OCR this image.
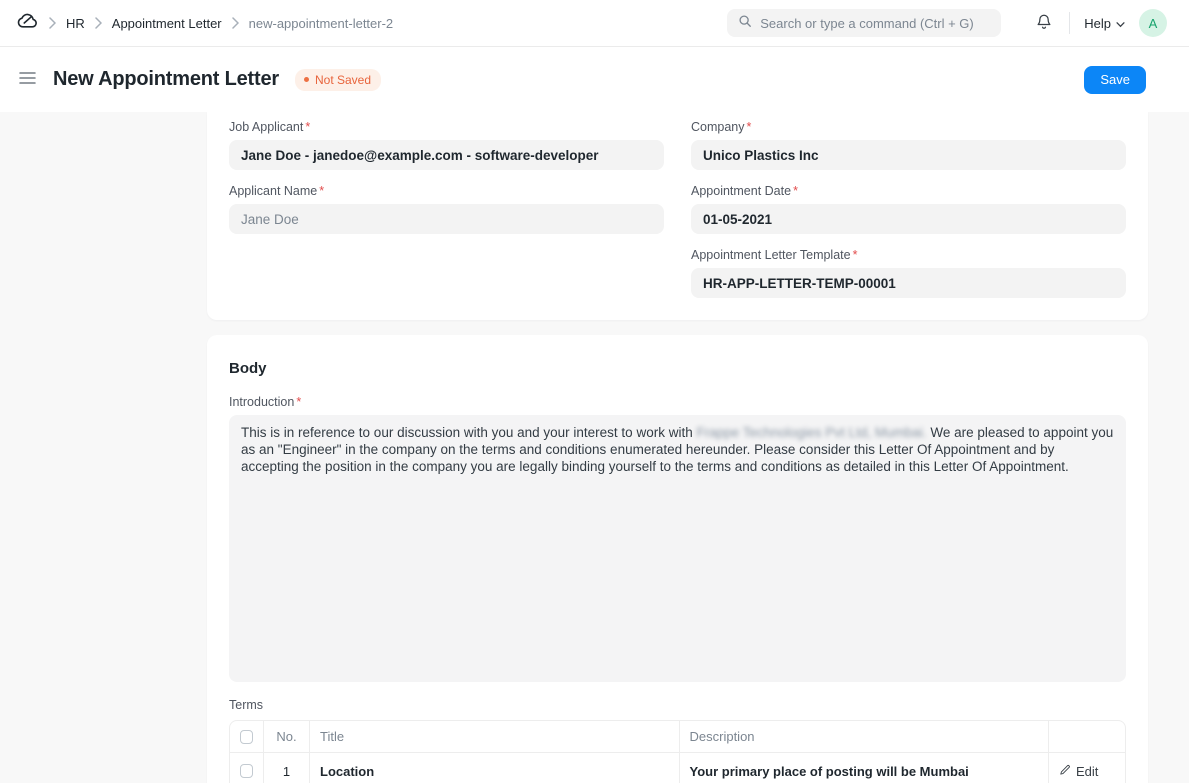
HR Appointment Letter new-appointment-letter-2
Search or type a command (Ctrl + G)	Help	A
New Appointment Letter	Not Saved	Save
Job Applicant *
Jane Doe - janedoe@example.com - software-developer
Applicant Name *
Jane Doe
Company *
Unico Plastics Inc
Appointment Date *
01-05-2021
Appointment Letter Template *
HR-APP-LETTER-TEMP-00001
Body
Introduction *
This is in reference to our discussion with you and your interest to work with Frappe Technologies Pvt Ltd, Mumbai. We are pleased to appoint you as an "Engineer" in the company on the terms and conditions enumerated hereunder. Please consider this Letter Of Appointment and by accepting the position in the company you are legally binding yourself to the terms and conditions as detailed in this Letter Of Appointment.
Terms
No.	Title	Description
1	Location	Your primary place of posting will be Mumbai	Edit
